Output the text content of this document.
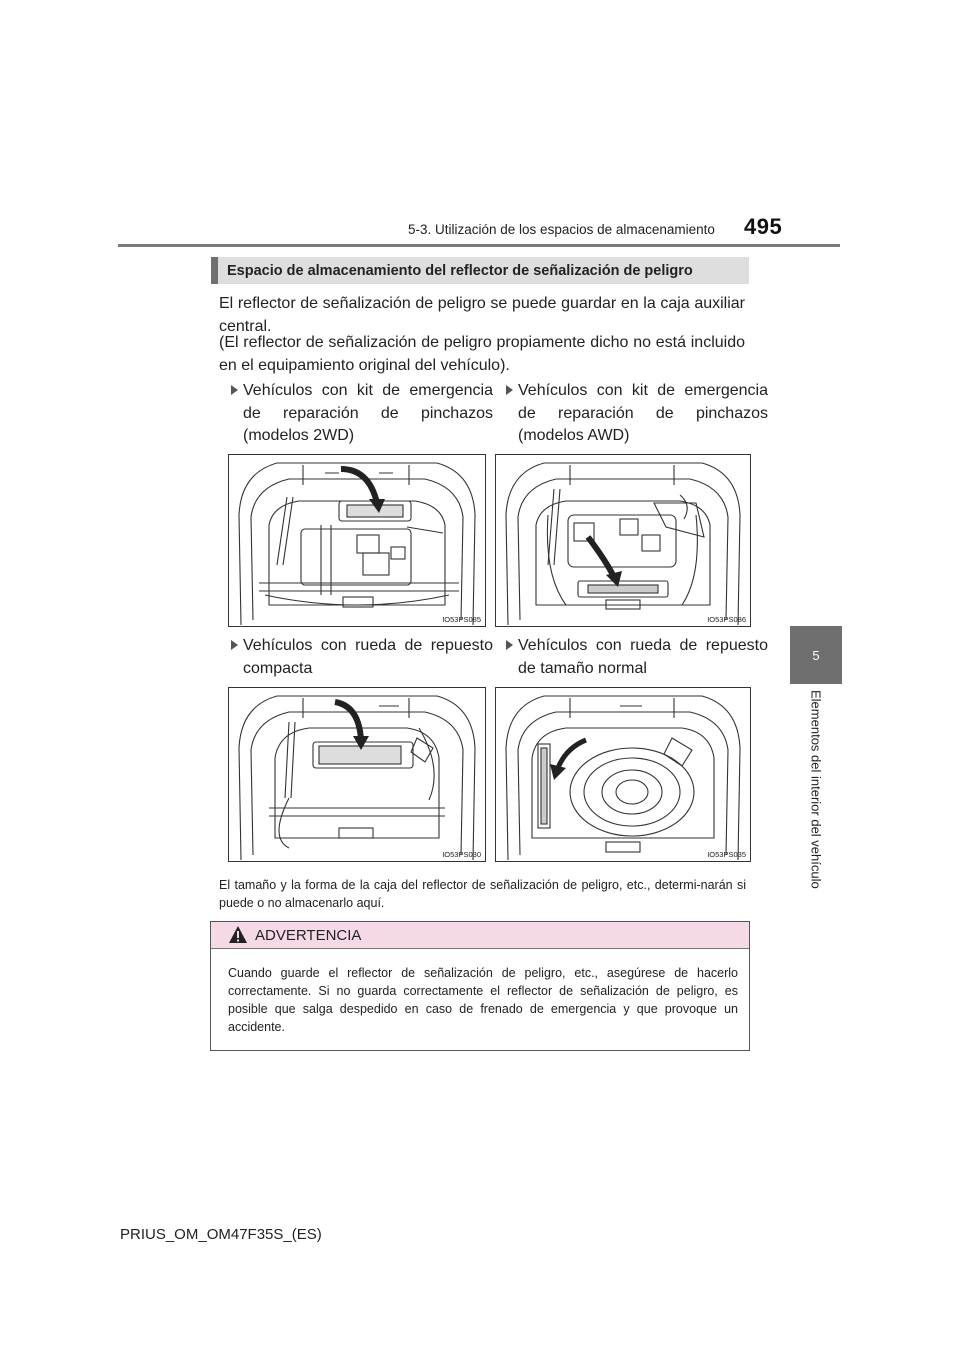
5-3. Utilización de los espacios de almacenamiento 495
5
Elementos del interior del vehículo
Espacio de almacenamiento del reflector de señalización de peligro
El reflector de señalización de peligro se puede guardar en la caja auxiliar central.
(El reflector de señalización de peligro propiamente dicho no está incluido en el equipamiento original del vehículo).
Vehículos con kit de emergencia de reparación de pinchazos (modelos 2WD)
Vehículos con kit de emergencia de reparación de pinchazos (modelos AWD)
Vehículos con rueda de repuesto compacta
Vehículos con rueda de repuesto de tamaño normal
IO53PS085	IO53PS086
IO53PS030	IO53PS035
El tamaño y la forma de la caja del reflector de señalización de peligro, etc., determi-narán si puede o no almacenarlo aquí.
ADVERTENCIA
Cuando guarde el reflector de señalización de peligro, etc., asegúrese de hacerlo correctamente. Si no guarda correctamente el reflector de señalización de peligro, es posible que salga despedido en caso de frenado de emergencia y que provoque un accidente.
PRIUS_OM_OM47F35S_(ES)
